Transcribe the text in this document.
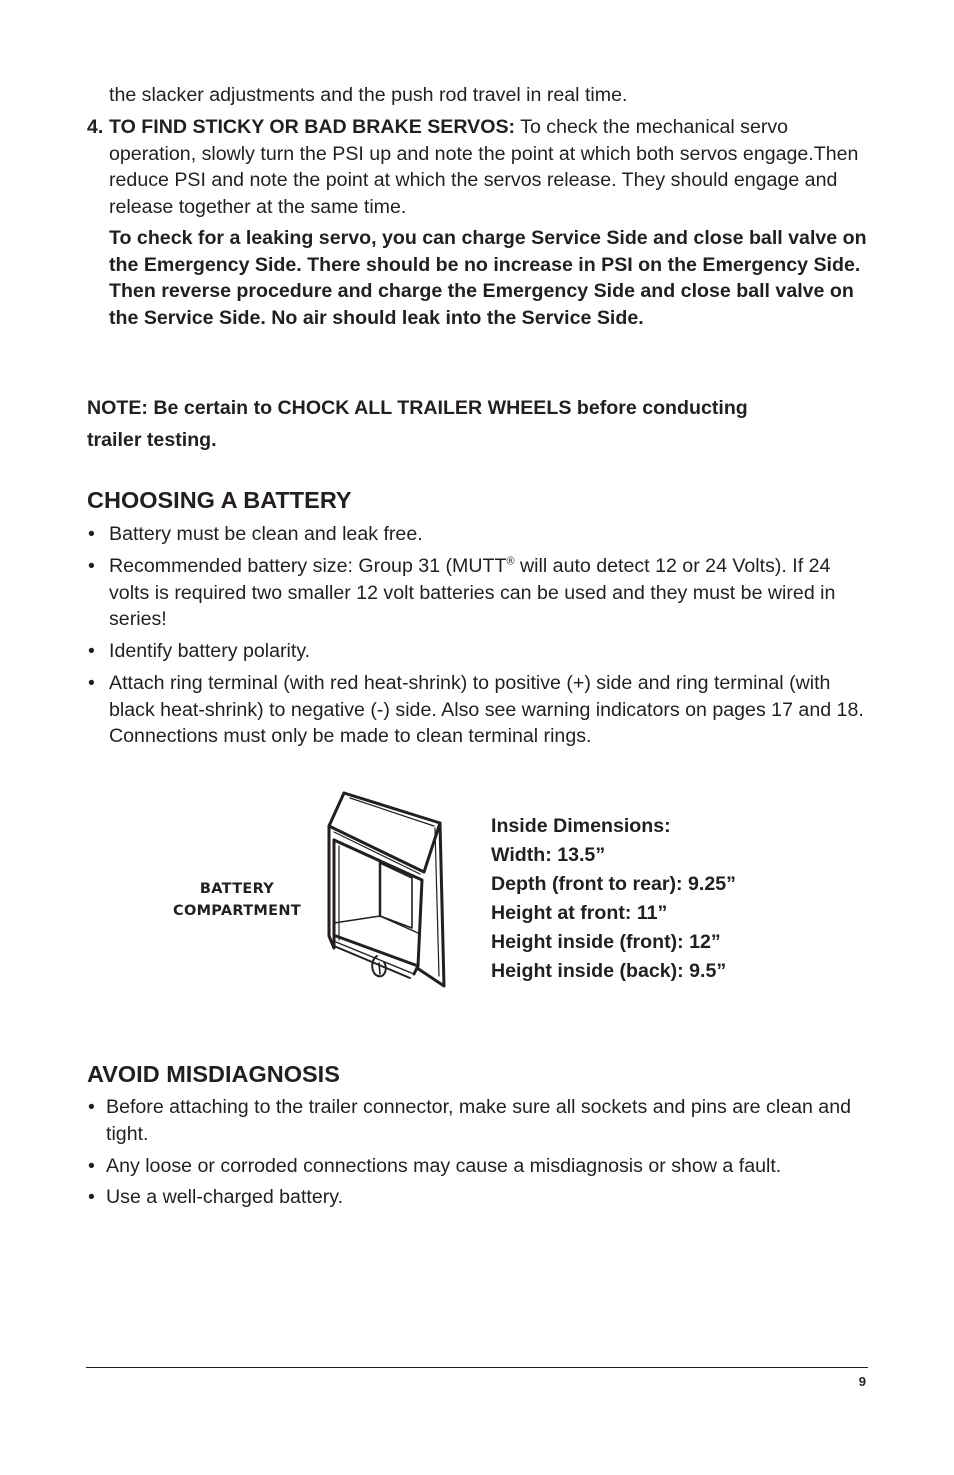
the slacker adjustments and the push rod travel in real time.

4. TO FIND STICKY OR BAD BRAKE SERVOS: To check the mechanical servo
operation, slowly turn the PSI up and note the point at which both servos engage.Then reduce PSI and note the point at which the servos release. They should engage and release together at the same time.

To check for a leaking servo, you can charge Service Side and close ball valve on the Emergency Side. There should be no increase in PSI on the Emergency Side. Then reverse procedure and charge the Emergency Side and close ball valve on the Service Side. No air should leak into the Service Side.

NOTE: Be certain to CHOCK ALL TRAILER WHEELS before conducting

trailer testing.

CHOOSING A BATTERY
• Battery must be clean and leak free.

• Recommended battery size: Group 31 (MUTT® will auto detect 12 or 24 Volts). If 24 volts is required two smaller 12 volt batteries can be used and they must be wired in series!

• Identify battery polarity.

• Attach ring terminal (with red heat-shrink) to positive (+) side and ring terminal (with black heat-shrink) to negative (-) side. Also see warning indicators on pages 17 and 18. Connections must only be made to clean terminal rings.

BATTERY
COMPARTMENT
Inside Dimensions:
Width: 13.5”
Depth (front to rear): 9.25”
Height at front: 11”
Height inside (front): 12”
Height inside (back): 9.5”
AVOID MISDIAGNOSIS
• Before attaching to the trailer connector, make sure all sockets and pins are clean and tight.

• Any loose or corroded connections may cause a misdiagnosis or show a fault.

• Use a well-charged battery.

9
